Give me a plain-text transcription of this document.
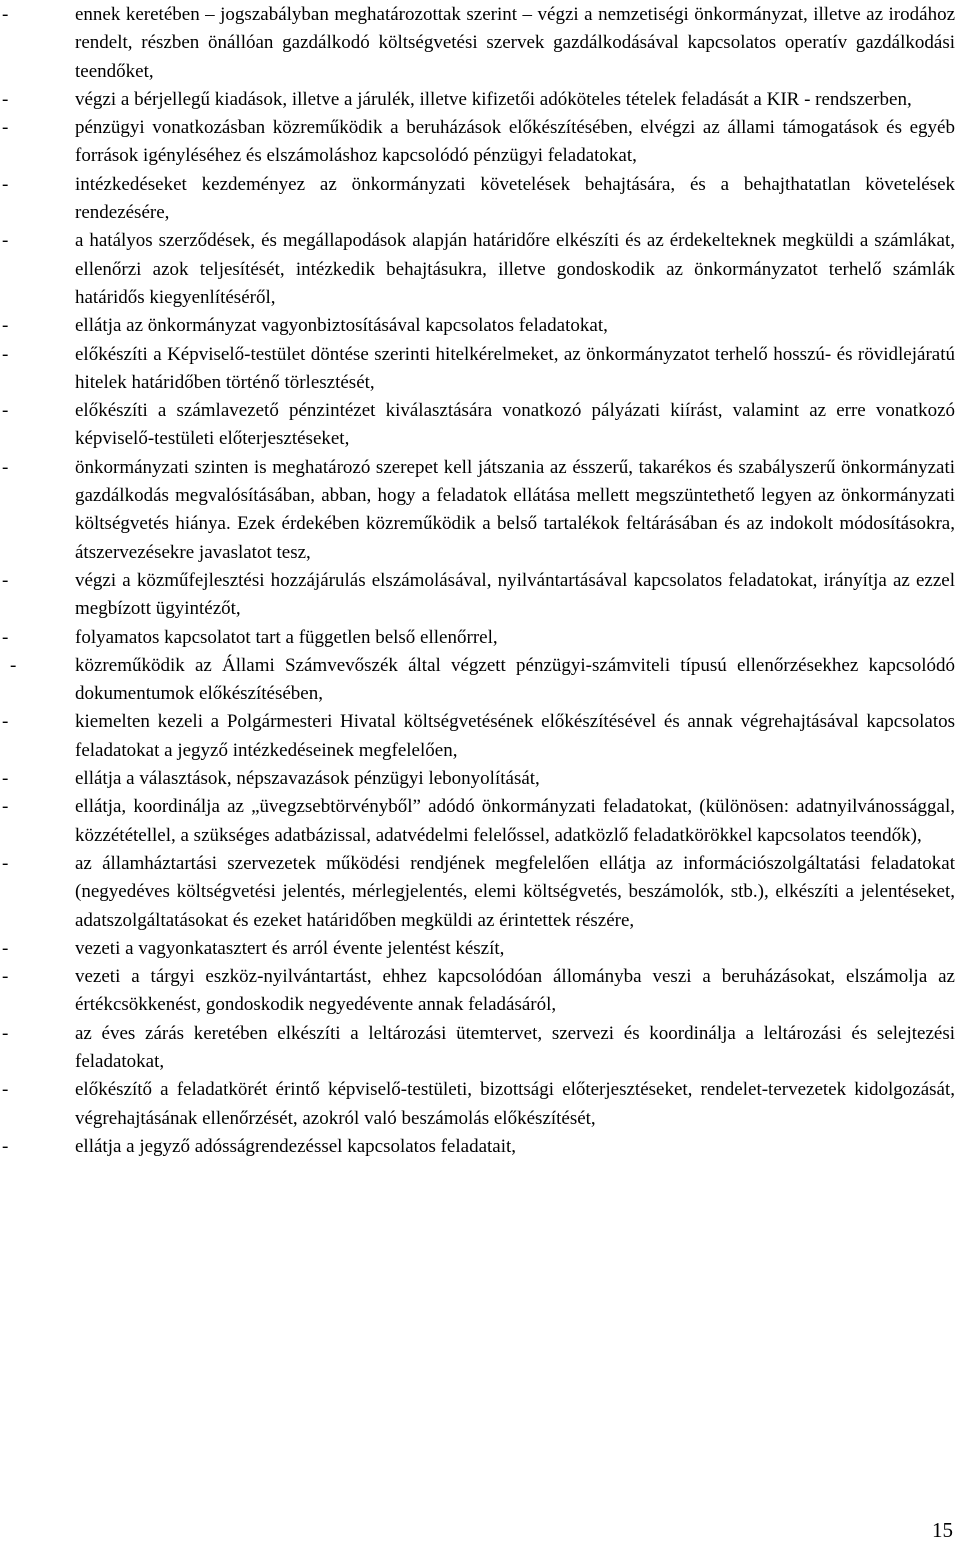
-	ennek keretében – jogszabályban meghatározottak szerint – végzi a nemzetiségi önkormányzat, illetve az irodához rendelt, részben önállóan gazdálkodó költségvetési szervek gazdálkodásával kapcsolatos operatív gazdálkodási teendőket,
-	végzi a bérjellegű kiadások, illetve a járulék, illetve kifizetői adóköteles tételek feladását a KIR - rendszerben,
-	pénzügyi vonatkozásban közreműködik a beruházások előkészítésében, elvégzi az állami támogatások és egyéb források igényléséhez és elszámoláshoz kapcsolódó pénzügyi feladatokat,
-	intézkedéseket kezdeményez az önkormányzati követelések behajtására, és a behajthatatlan követelések rendezésére,
-	a hatályos szerződések, és megállapodások alapján határidőre elkészíti és az érdekelteknek megküldi a számlákat, ellenőrzi azok teljesítését, intézkedik behajtásukra, illetve gondoskodik az önkormányzatot terhelő számlák határidős kiegyenlítéséről,
-	ellátja az önkormányzat vagyonbiztosításával kapcsolatos feladatokat,
-	előkészíti a Képviselő-testület döntése szerinti hitelkérelmeket, az önkormányzatot terhelő hosszú- és rövidlejáratú hitelek határidőben történő törlesztését,
-	előkészíti a számlavezető pénzintézet kiválasztására vonatkozó pályázati kiírást, valamint az erre vonatkozó képviselő-testületi előterjesztéseket,
-	önkormányzati szinten is meghatározó szerepet kell játszania az ésszerű, takarékos és szabályszerű önkormányzati gazdálkodás megvalósításában, abban, hogy a feladatok ellátása mellett megszüntethető legyen az önkormányzati költségvetés hiánya. Ezek érdekében közreműködik a belső tartalékok feltárásában és az indokolt módosításokra, átszervezésekre javaslatot tesz,
-	végzi a közműfejlesztési hozzájárulás elszámolásával, nyilvántartásával kapcsolatos feladatokat, irányítja az ezzel megbízott ügyintézőt,
-	folyamatos kapcsolatot tart a független belső ellenőrrel,
-	közreműködik az Állami Számvevőszék által végzett pénzügyi-számviteli típusú ellenőrzésekhez kapcsolódó dokumentumok előkészítésében,
-	kiemelten kezeli a Polgármesteri Hivatal költségvetésének előkészítésével és annak végrehajtásával kapcsolatos feladatokat a jegyző intézkedéseinek megfelelően,
-	ellátja a választások, népszavazások pénzügyi lebonyolítását,
-	ellátja, koordinálja az „üvegzsebtörvényből” adódó önkormányzati feladatokat, (különösen: adatnyilvánossággal, közzététellel, a szükséges adatbázissal, adatvédelmi felelőssel, adatközlő feladatkörökkel kapcsolatos teendők),
-	az államháztartási szervezetek működési rendjének megfelelően ellátja az információszolgáltatási feladatokat (negyedéves költségvetési jelentés, mérlegjelentés, elemi költségvetés, beszámolók, stb.), elkészíti a jelentéseket, adatszolgáltatásokat és ezeket határidőben megküldi az érintettek részére,
-	vezeti a vagyonkatasztert és arról évente jelentést készít,
-	vezeti a tárgyi eszköz-nyilvántartást, ehhez kapcsolódóan állományba veszi a beruházásokat, elszámolja az értékcsökkenést, gondoskodik negyedévente annak feladásáról,
-	az éves zárás keretében elkészíti a leltározási ütemtervet, szervezi és koordinálja a leltározási és selejtezési feladatokat,
-	előkészítő a feladatkörét érintő képviselő-testületi, bizottsági előterjesztéseket, rendelet-tervezetek kidolgozását, végrehajtásának ellenőrzését, azokról való beszámolás előkészítését,
-	ellátja a jegyző adósságrendezéssel kapcsolatos feladatait,
15
